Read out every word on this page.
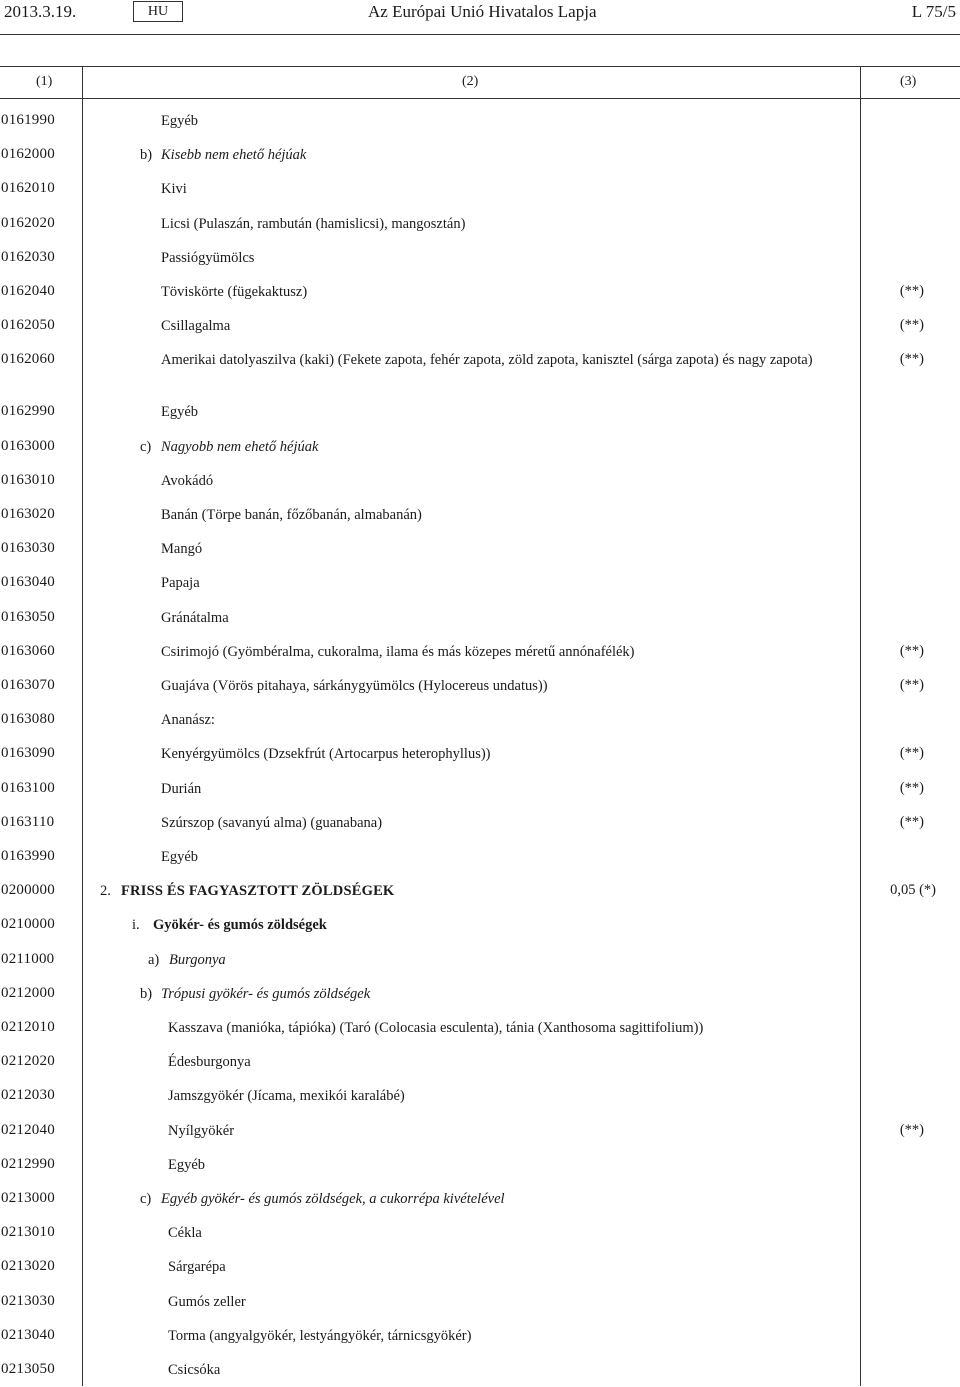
2013.3.19.	HU	Az Európai Unió Hivatalos Lapja	L 75/5
(1)	(2)	(3)
0161990	Egyéb
0162000	b) Kisebb nem ehető héjúak
0162010	Kivi
0162020	Licsi (Pulaszán, rambután (hamislicsi), mangosztán)
0162030	Passiógyümölcs
0162040	Töviskörte (fügekaktusz)	(**)
0162050	Csillagalma	(**)
0162060	Amerikai datolyaszilva (kaki) (Fekete zapota, fehér zapota, zöld zapota, kanisztel (sárga zapota) és nagy zapota)	(**)
0162990	Egyéb
0163000	c) Nagyobb nem ehető héjúak
0163010	Avokádó
0163020	Banán (Törpe banán, főzőbanán, almabanán)
0163030	Mangó
0163040	Papaja
0163050	Gránátalma
0163060	Csirimojó (Gyömbéralma, cukoralma, ilama és más közepes méretű annónafélék)	(**)
0163070	Guajáva (Vörös pitahaya, sárkánygyümölcs (Hylocereus undatus))	(**)
0163080	Ananász:
0163090	Kenyérgyümölcs (Dzsekfrút (Artocarpus heterophyllus))	(**)
0163100	Durián	(**)
0163110	Szúrszop (savanyú alma) (guanabana)	(**)
0163990	Egyéb
0200000	2. FRISS ÉS FAGYASZTOTT ZÖLDSÉGEK	0,05 (*)
0210000	i. Gyökér- és gumós zöldségek
0211000	a) Burgonya
0212000	b) Trópusi gyökér- és gumós zöldségek
0212010	Kasszava (manióka, tápióka) (Taró (Colocasia esculenta), tánia (Xanthosoma sagittifolium))
0212020	Édesburgonya
0212030	Jamszgyökér (Jícama, mexikói karalábé)
0212040	Nyílgyökér	(**)
0212990	Egyéb
0213000	c) Egyéb gyökér- és gumós zöldségek, a cukorrépa kivételével
0213010	Cékla
0213020	Sárgarépa
0213030	Gumós zeller
0213040	Torma (angyalgyökér, lestyángyökér, tárnicsgyökér)
0213050	Csicsóka
